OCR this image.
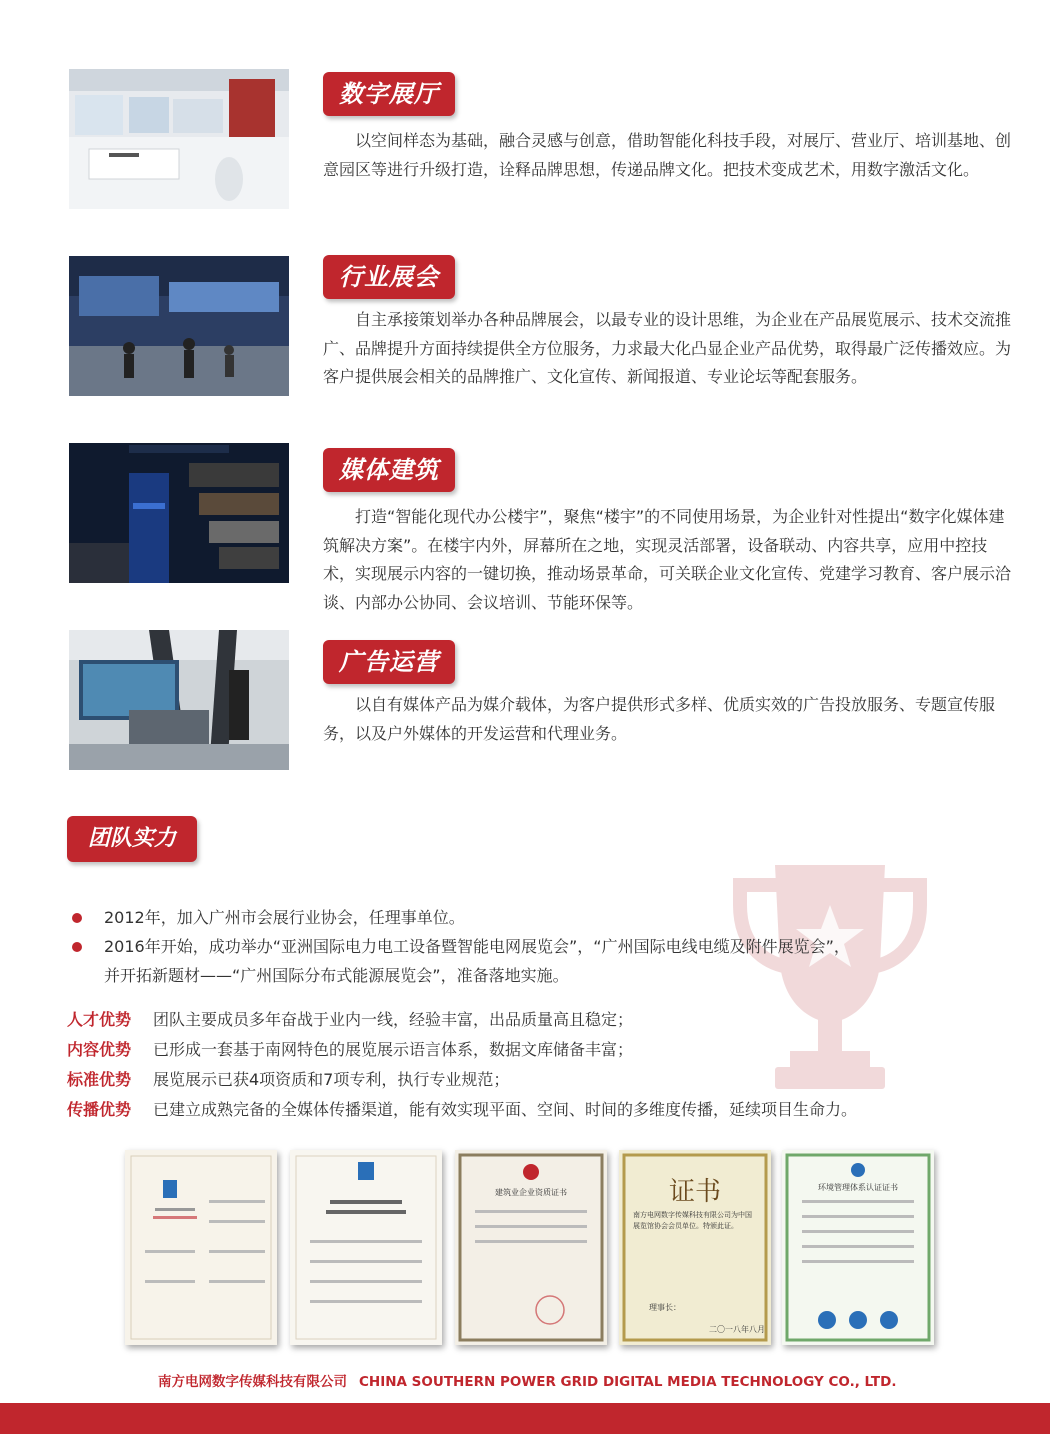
数字展厅

以空间样态为基础，融合灵感与创意，借助智能化科技手段，对展厅、营业厅、培训基地、创意园区等进行升级打造，诠释品牌思想，传递品牌文化。把技术变成艺术，用数字激活文化。

行业展会

自主承接策划举办各种品牌展会，以最专业的设计思维，为企业在产品展览展示、技术交流推广、品牌提升方面持续提供全方位服务，力求最大化凸显企业产品优势，取得最广泛传播效应。为客户提供展会相关的品牌推广、文化宣传、新闻报道、专业论坛等配套服务。

媒体建筑

打造“智能化现代办公楼宇”，聚焦“楼宇”的不同使用场景，为企业针对性提出“数字化媒体建筑解决方案”。在楼宇内外，屏幕所在之地，实现灵活部署，设备联动、内容共享，应用中控技术，实现展示内容的一键切换，推动场景革命，可关联企业文化宣传、党建学习教育、客户展示洽谈、内部办公协同、会议培训、节能环保等。

广告运营

以自有媒体产品为媒介载体，为客户提供形式多样、优质实效的广告投放服务、专题宣传服务，以及户外媒体的开发运营和代理业务。

团队实力
2012年，加入广州市会展行业协会，任理事单位。
2016年开始，成功举办“亚洲国际电力电工设备暨智能电网展览会”，“广州国际电线电缆及附件展览会”，
并开拓新题材——“广州国际分布式能源展览会”，准备落地实施。
人才优势	团队主要成员多年奋战于业内一线，经验丰富，出品质量高且稳定；
内容优势	已形成一套基于南网特色的展览展示语言体系，数据文库储备丰富；
标准优势	展览展示已获4项资质和7项专利，执行专业规范；
传播优势	已建立成熟完备的全媒体传播渠道，能有效实现平面、空间、时间的多维度传播，延续项目生命力。
建筑业企业资质证书	证书
南方电网数字传媒科技有限公司为中国展览馆协会会员单位。特颁此证。
理事长：
二〇一八年八月
环境管理体系认证证书
南方电网数字传媒科技有限公司 CHINA SOUTHERN POWER GRID DIGITAL MEDIA TECHNOLOGY CO., LTD.
